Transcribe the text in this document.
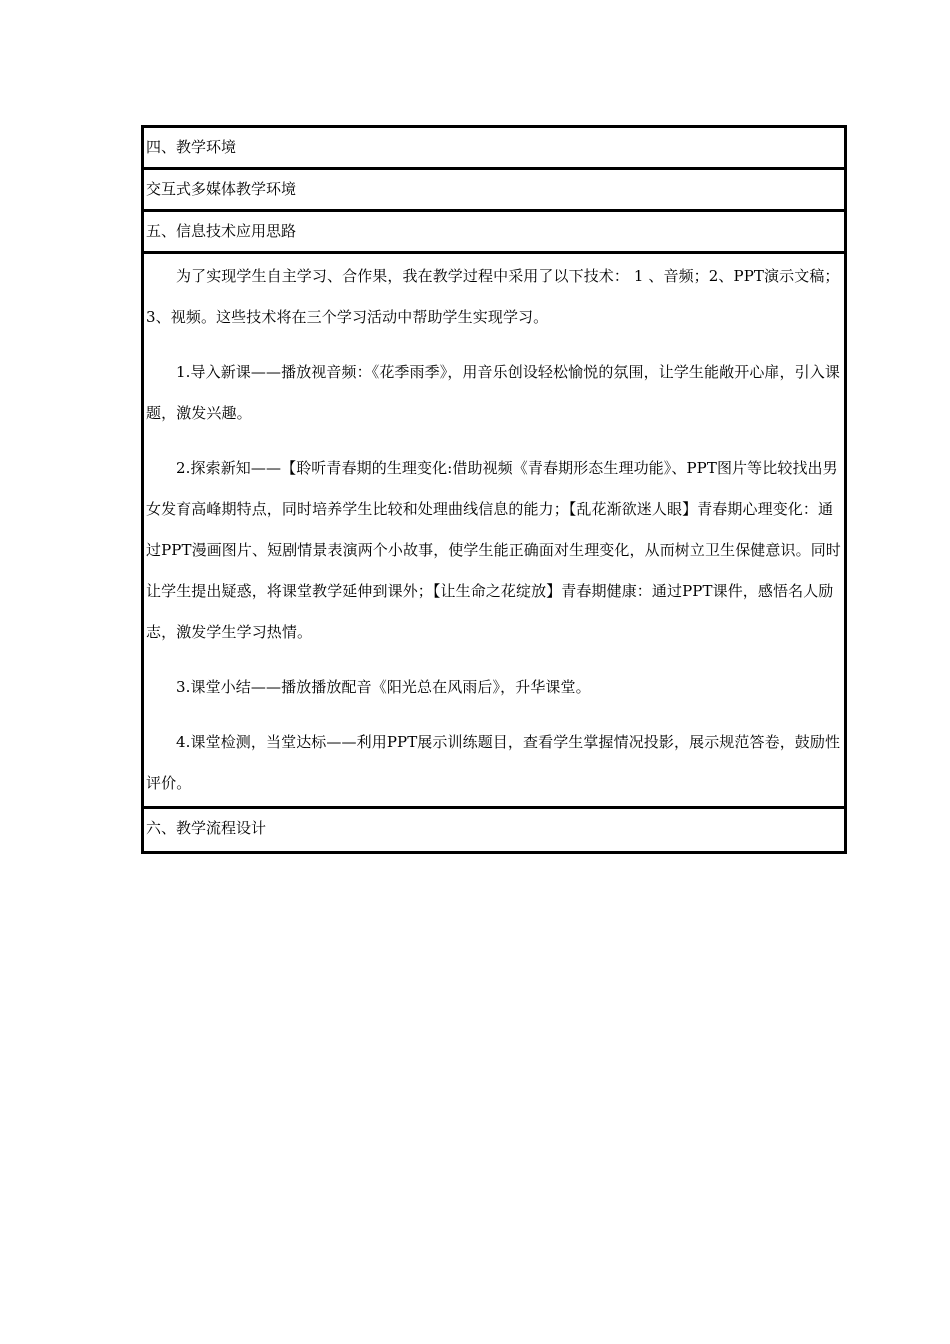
四、教学环境
交互式多媒体教学环境
五、信息技术应用思路

为了实现学生自主学习、合作果，我在教学过程中采用了以下技术： 1 、音频；2、PPT演示文稿；3、视频。这些技术将在三个学习活动中帮助学生实现学习。

1.导入新课——播放视音频：《花季雨季》，用音乐创设轻松愉悦的氛围，让学生能敞开心扉，引入课题，激发兴趣。

2.探索新知——【聆听青春期的生理变化:借助视频《青春期形态生理功能》、PPT图片等比较找出男女发育高峰期特点，同时培养学生比较和处理曲线信息的能力；【乱花渐欲迷人眼】青春期心理变化：通过PPT漫画图片、短剧情景表演两个小故事，使学生能正确面对生理变化，从而树立卫生保健意识。同时让学生提出疑惑，将课堂教学延伸到课外；【让生命之花绽放】青春期健康：通过PPT课件，感悟名人励志，激发学生学习热情。

3.课堂小结——播放播放配音《阳光总在风雨后》，升华课堂。

4.课堂检测，当堂达标——利用PPT展示训练题目，查看学生掌握情况投影，展示规范答卷，鼓励性评价。

六、教学流程设计
